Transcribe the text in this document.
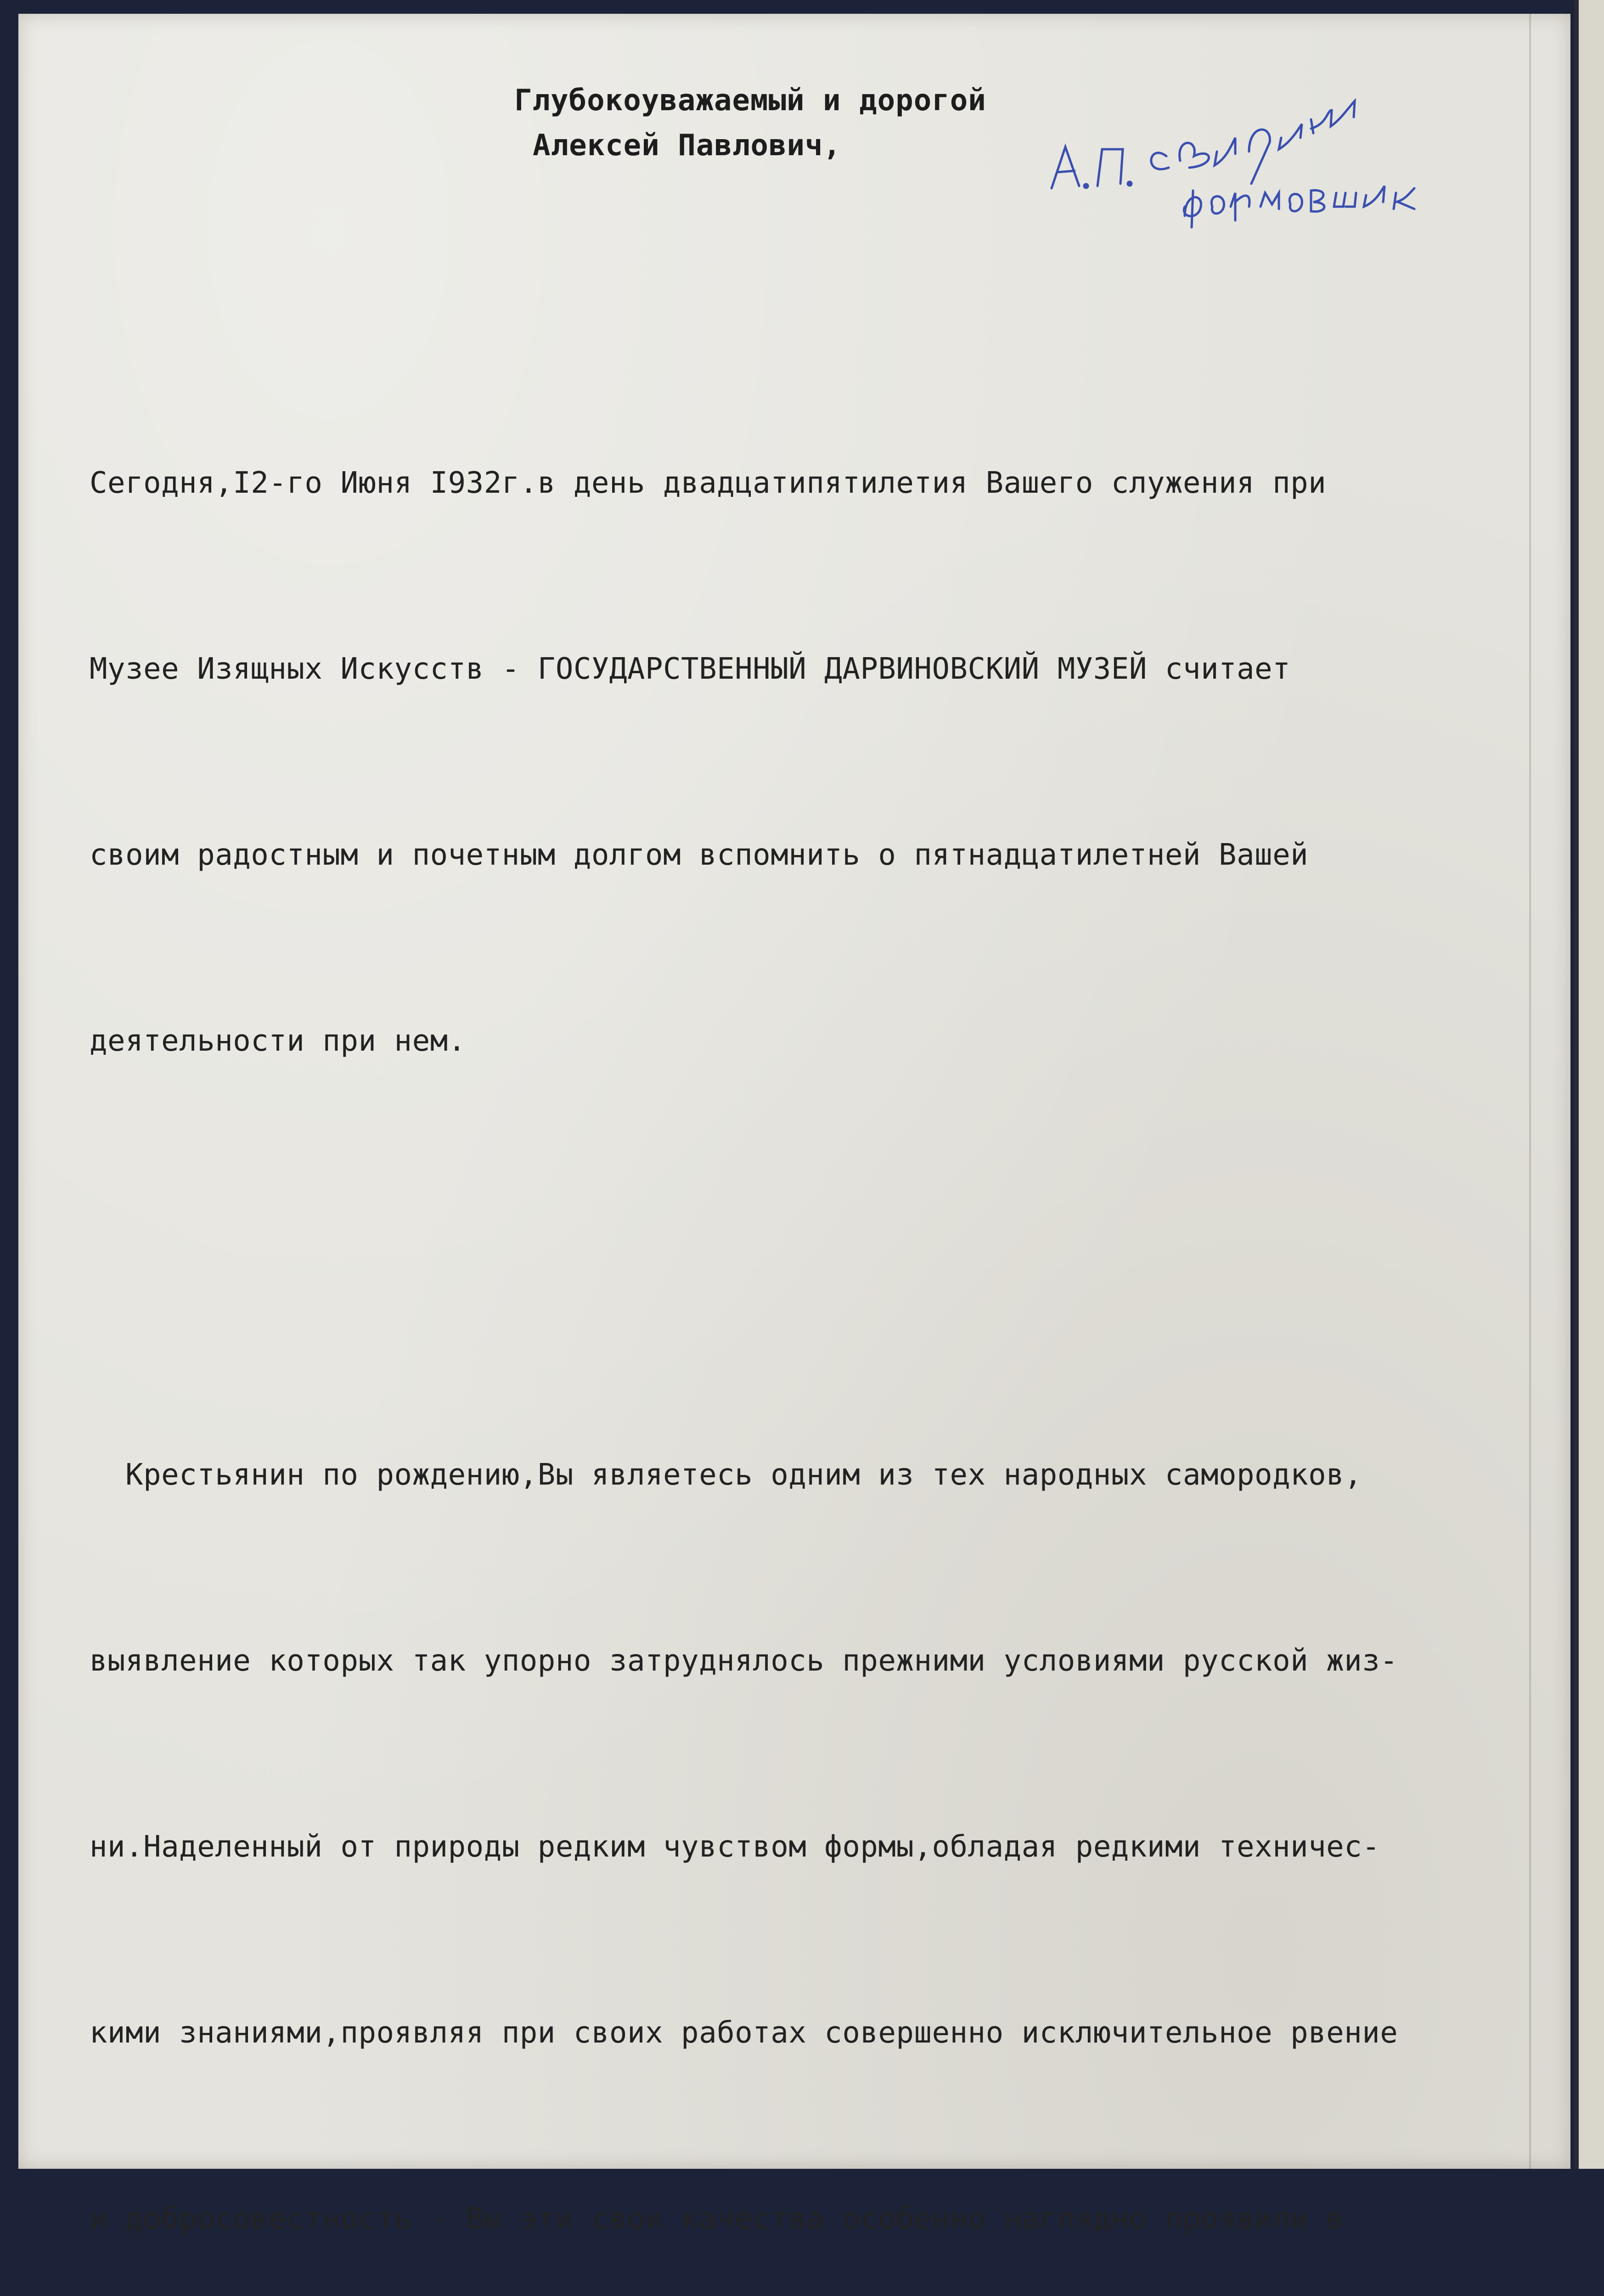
Глубокоуважаемый и дорогой
Алексей Павлович,

Сегодня,I2-го Июня I932г.в день двадцатипятилетия Вашего служения при

Музее Изящных Искусств - ГОСУДАРСТВЕННЫЙ ДАРВИНОВСКИЙ МУЗЕЙ считает

своим радостным и почетным долгом вспомнить о пятнадцатилетней Вашей

деятельности при нем.

Крестьянин по рождению,Вы являетесь одним из тех народных самородков,

выявление которых так упорно затруднялось прежними условиями русской жиз-

ни.Наделенный от природы редким чувством формы,обладая редкими техничес-

кими знаниями,проявляя при своих работах совершенно исключительное рвение

и добросовестность - Вы эти свои качества особенно наглядно проявили в
